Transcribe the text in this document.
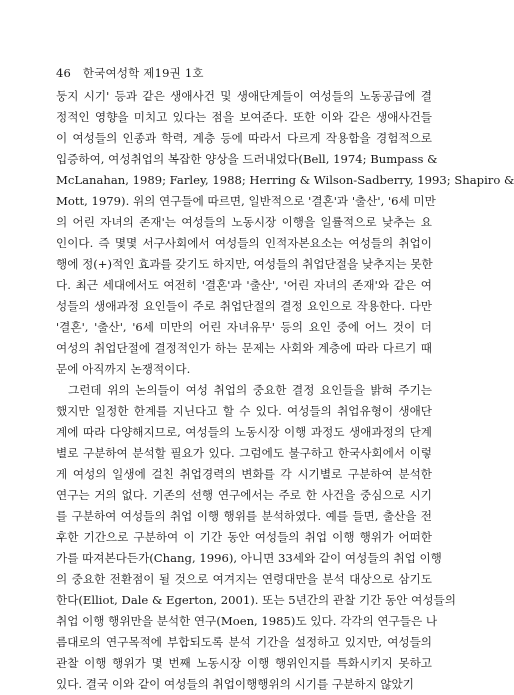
46 한국여성학 제19권 1호
둥지 시기' 등과 같은 생애사건 및 생애단계들이 여성들의 노동공급에 결
정적인 영향을 미치고 있다는 점을 보여준다. 또한 이와 같은 생애사건들
이 여성들의 인종과 학력, 계층 등에 따라서 다르게 작용함을 경험적으로
입증하여, 여성취업의 복잡한 양상을 드러내었다(Bell, 1974; Bumpass &
McLanahan, 1989; Farley, 1988; Herring & Wilson-Sadberry, 1993; Shapiro &
Mott, 1979). 위의 연구들에 따르면, 일반적으로 '결혼'과 '출산', '6세 미만
의 어린 자녀의 존재'는 여성들의 노동시장 이행을 일률적으로 낮추는 요
인이다. 즉 몇몇 서구사회에서 여성들의 인적자본요소는 여성들의 취업이
행에 정(+)적인 효과를 갖기도 하지만, 여성들의 취업단절을 낮추지는 못한
다. 최근 세대에서도 여전히 '결혼'과 '출산', '어린 자녀의 존재'와 같은 여
성들의 생애과정 요인들이 주로 취업단절의 결정 요인으로 작용한다. 다만
'결혼', '출산', '6세 미만의 어린 자녀유무' 등의 요인 중에 어느 것이 더
여성의 취업단절에 결정적인가 하는 문제는 사회와 계층에 따라 다르기 때
문에 아직까지 논쟁적이다.
그런데 위의 논의들이 여성 취업의 중요한 결정 요인들을 밝혀 주기는
했지만 일정한 한계를 지닌다고 할 수 있다. 여성들의 취업유형이 생애단
계에 따라 다양해지므로, 여성들의 노동시장 이행 과정도 생애과정의 단계
별로 구분하여 분석할 필요가 있다. 그럼에도 불구하고 한국사회에서 이렇
게 여성의 일생에 걸친 취업경력의 변화를 각 시기별로 구분하여 분석한
연구는 거의 없다. 기존의 선행 연구에서는 주로 한 사건을 중심으로 시기
를 구분하여 여성들의 취업 이행 행위를 분석하였다. 예를 들면, 출산을 전
후한 기간으로 구분하여 이 기간 동안 여성들의 취업 이행 행위가 어떠한
가를 따져본다든가(Chang, 1996), 아니면 33세와 같이 여성들의 취업 이행
의 중요한 전환점이 될 것으로 여겨지는 연령대만을 분석 대상으로 삼기도
한다(Elliot, Dale & Egerton, 2001). 또는 5년간의 관찰 기간 동안 여성들의
취업 이행 행위만을 분석한 연구(Moen, 1985)도 있다. 각각의 연구들은 나
름대로의 연구목적에 부합되도록 분석 기간을 설정하고 있지만, 여성들의
관찰 이행 행위가 몇 번째 노동시장 이행 행위인지를 특화시키지 못하고
있다. 결국 이와 같이 여성들의 취업이행행위의 시기를 구분하지 않았기
